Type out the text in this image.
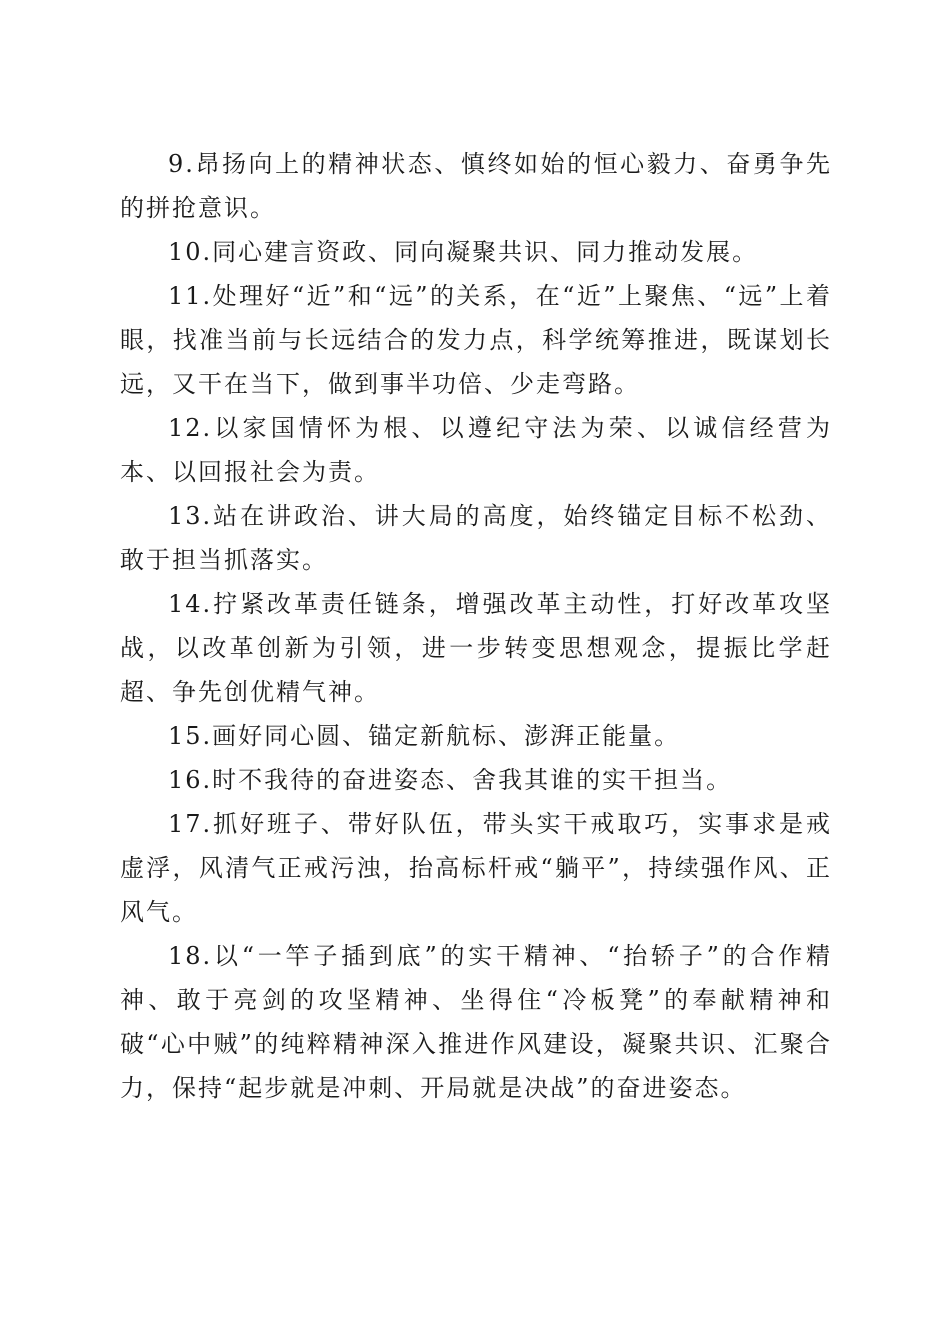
9.昂扬向上的精神状态、慎终如始的恒心毅力、奋勇争先的拼抢意识。

10.同心建言资政、同向凝聚共识、同力推动发展。

11.处理好“近”和“远”的关系，在“近”上聚焦、“远”上着眼，找准当前与长远结合的发力点，科学统筹推进，既谋划长远，又干在当下，做到事半功倍、少走弯路。

12.以家国情怀为根、以遵纪守法为荣、以诚信经营为本、以回报社会为责。

13.站在讲政治、讲大局的高度，始终锚定目标不松劲、敢于担当抓落实。

14.拧紧改革责任链条，增强改革主动性，打好改革攻坚战，以改革创新为引领，进一步转变思想观念，提振比学赶超、争先创优精气神。

15.画好同心圆、锚定新航标、澎湃正能量。

16.时不我待的奋进姿态、舍我其谁的实干担当。

17.抓好班子、带好队伍，带头实干戒取巧，实事求是戒虚浮，风清气正戒污浊，抬高标杆戒“躺平”，持续强作风、正风气。

18.以“一竿子插到底”的实干精神、“抬轿子”的合作精神、敢于亮剑的攻坚精神、坐得住“冷板凳”的奉献精神和破“心中贼”的纯粹精神深入推进作风建设，凝聚共识、汇聚合力，保持“起步就是冲刺、开局就是决战”的奋进姿态。
